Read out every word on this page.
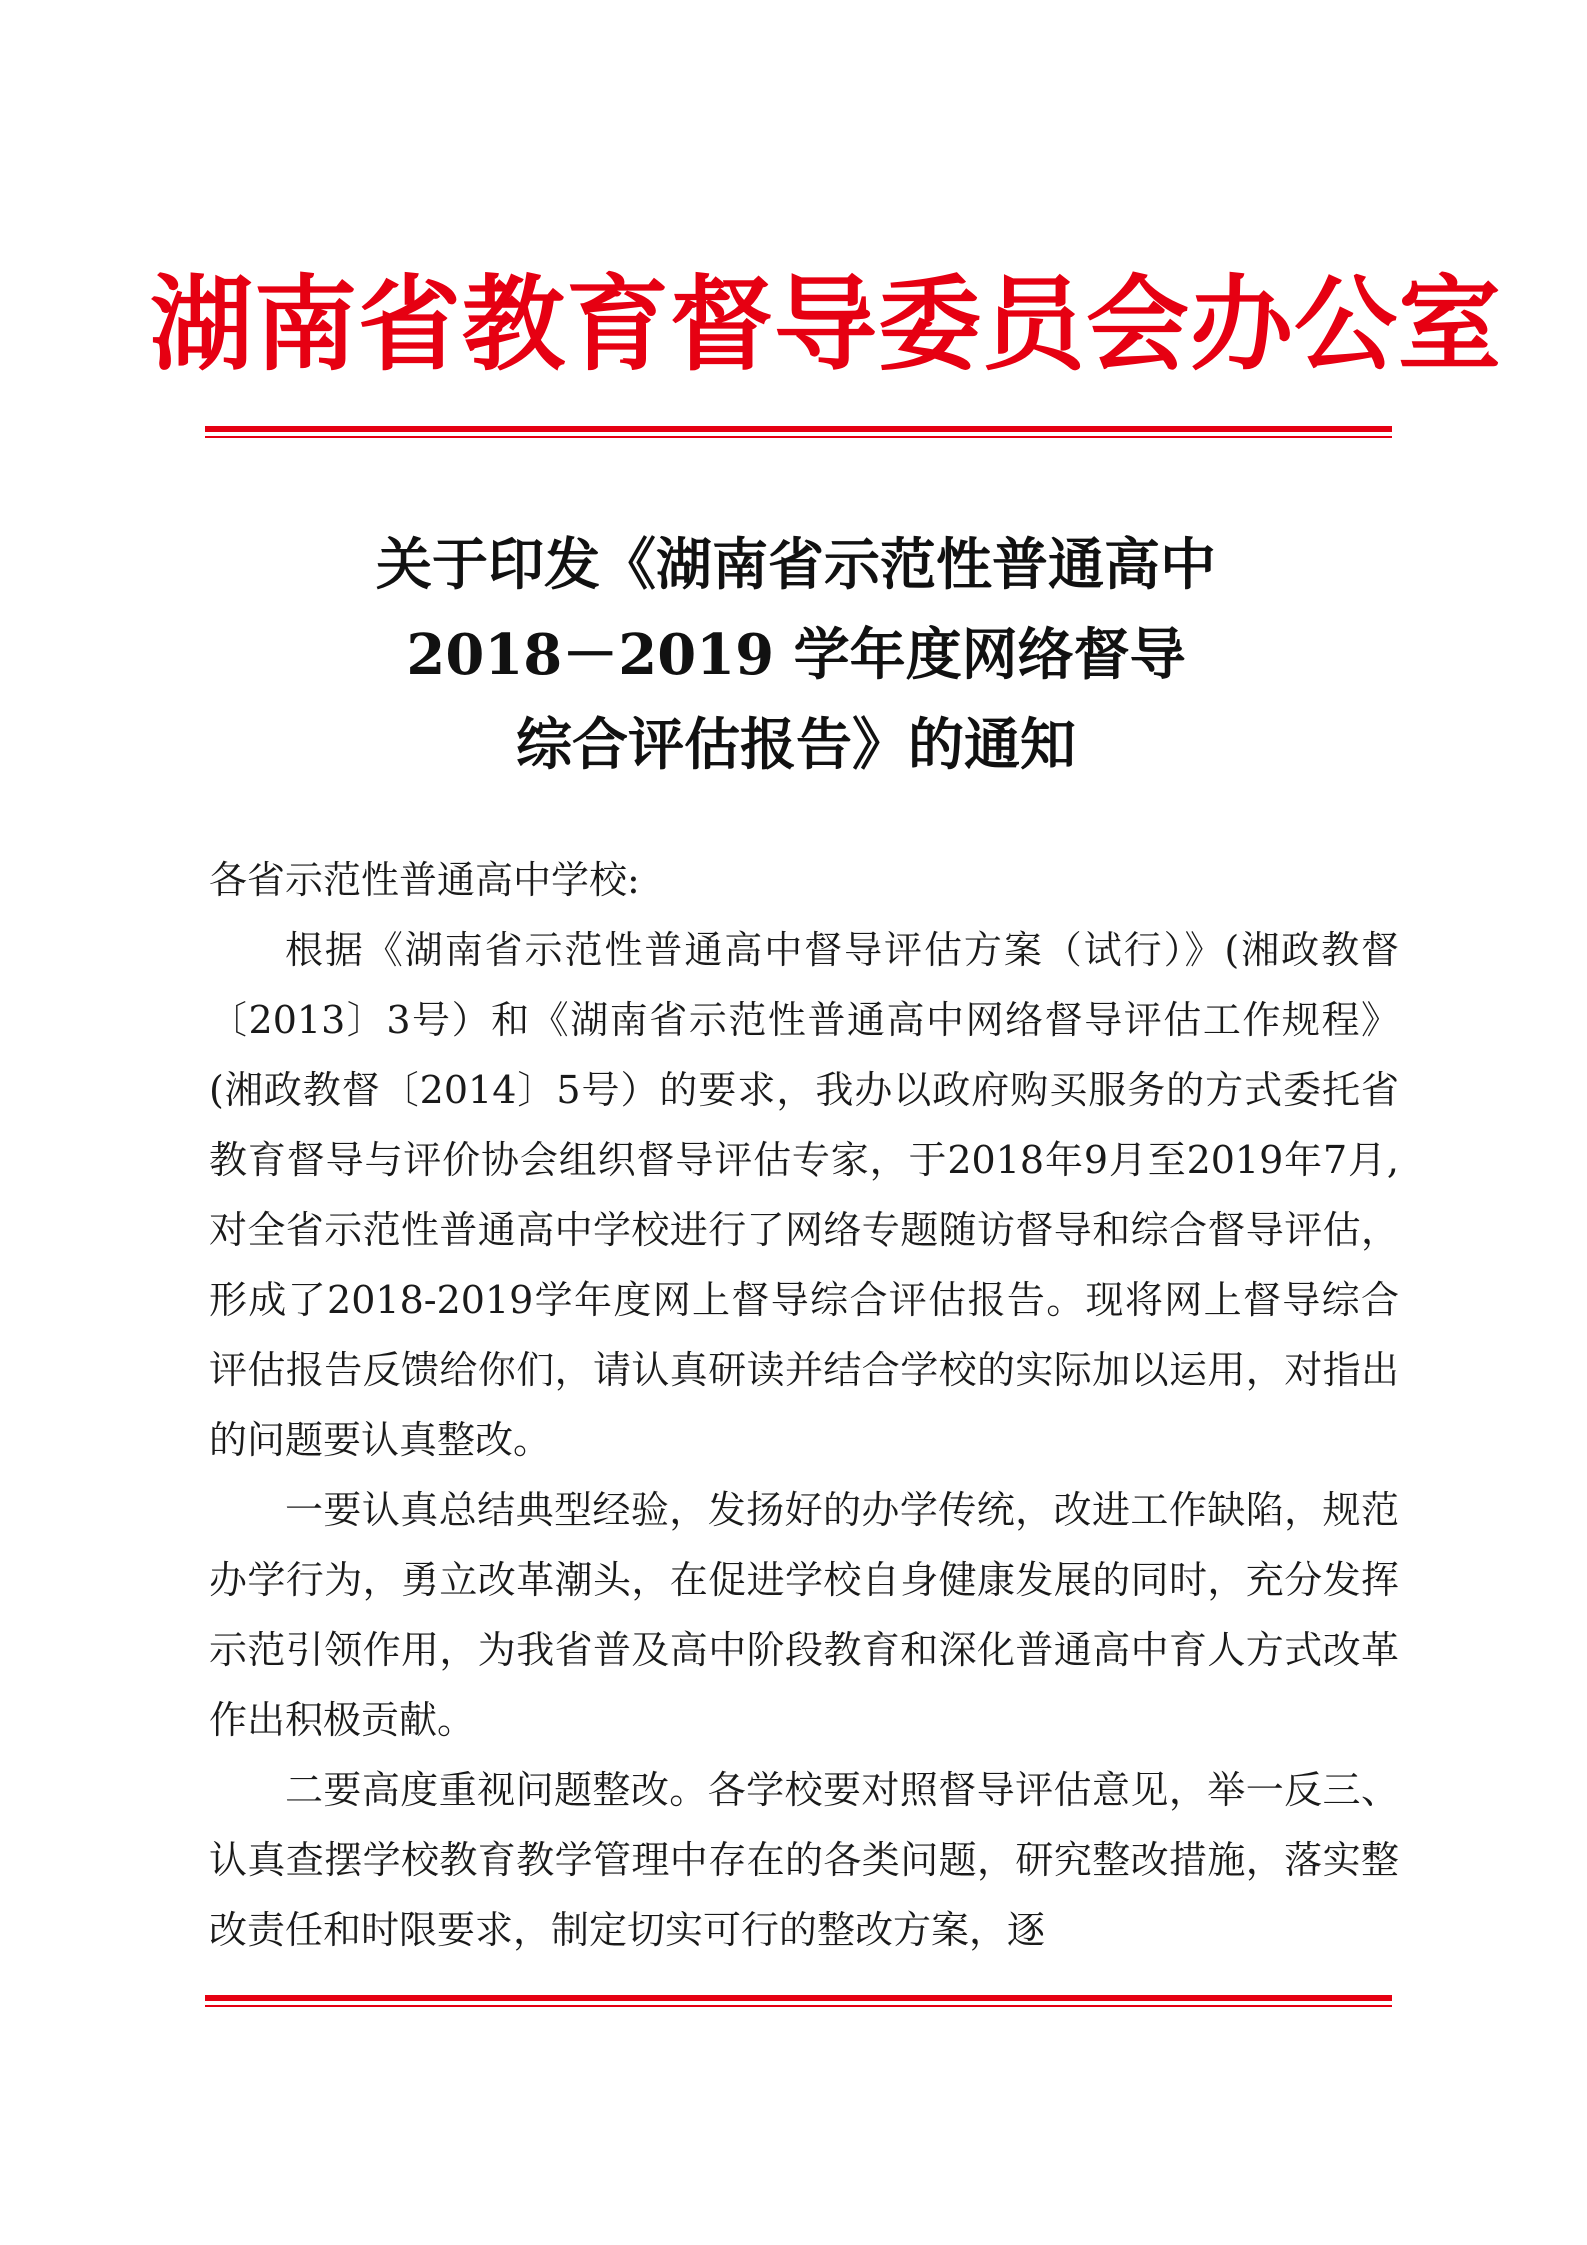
湖南省教育督导委员会办公室
关于印发《湖南省示范性普通高中
2018－2019 学年度网络督导
综合评估报告》的通知

各省示范性普通高中学校:

根据《湖南省示范性普通高中督导评估方案（试行）》(湘政教督〔2013〕3号）和《湖南省示范性普通高中网络督导评估工作规程》(湘政教督〔2014〕5号）的要求，我办以政府购买服务的方式委托省教育督导与评价协会组织督导评估专家，于2018年9月至2019年7月,对全省示范性普通高中学校进行了网络专题随访督导和综合督导评估，形成了2018-2019学年度网上督导综合评估报告。现将网上督导综合评估报告反馈给你们，请认真研读并结合学校的实际加以运用，对指出的问题要认真整改。

一要认真总结典型经验，发扬好的办学传统，改进工作缺陷，规范办学行为，勇立改革潮头，在促进学校自身健康发展的同时，充分发挥示范引领作用，为我省普及高中阶段教育和深化普通高中育人方式改革作出积极贡献。

二要高度重视问题整改。各学校要对照督导评估意见，举一反三、认真查摆学校教育教学管理中存在的各类问题，研究整改措施，落实整改责任和时限要求，制定切实可行的整改方案，逐
